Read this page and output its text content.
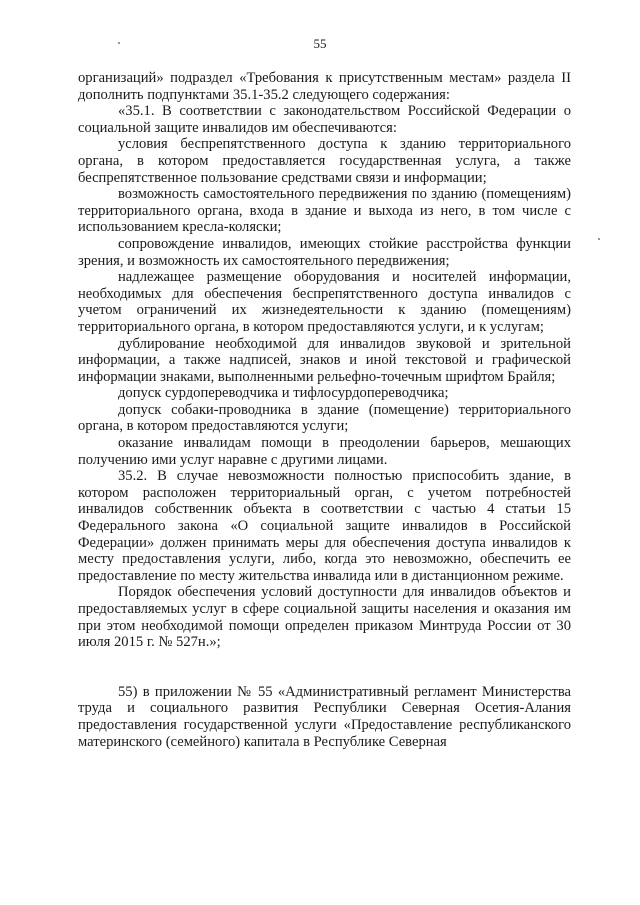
55

организаций» подраздел «Требования к присутственным местам» раздела II дополнить подпунктами 35.1-35.2 следующего содержания:

«35.1. В соответствии с законодательством Российской Федерации о социальной защите инвалидов им обеспечиваются:

условия беспрепятственного доступа к зданию территориального органа, в котором предоставляется государственная услуга, а также беспрепятственное пользование средствами связи и информации;

возможность самостоятельного передвижения по зданию (помещениям) территориального органа, входа в здание и выхода из него, в том числе с использованием кресла-коляски;

сопровождение инвалидов, имеющих стойкие расстройства функции зрения, и возможность их самостоятельного передвижения;

надлежащее размещение оборудования и носителей информации, необходимых для обеспечения беспрепятственного доступа инвалидов с учетом ограничений их жизнедеятельности к зданию (помещениям) территориального органа, в котором предоставляются услуги, и к услугам;

дублирование необходимой для инвалидов звуковой и зрительной информации, а также надписей, знаков и иной текстовой и графической информации знаками, выполненными рельефно-точечным шрифтом Брайля;

допуск сурдопереводчика и тифлосурдопереводчика;

допуск собаки-проводника в здание (помещение) территориального органа, в котором предоставляются услуги;

оказание инвалидам помощи в преодолении барьеров, мешающих получению ими услуг наравне с другими лицами.

35.2. В случае невозможности полностью приспособить здание, в котором расположен территориальный орган, с учетом потребностей инвалидов собственник объекта в соответствии с частью 4 статьи 15 Федерального закона «О социальной защите инвалидов в Российской Федерации» должен принимать меры для обеспечения доступа инвалидов к месту предоставления услуги, либо, когда это невозможно, обеспечить ее предоставление по месту жительства инвалида или в дистанционном режиме.

Порядок обеспечения условий доступности для инвалидов объектов и предоставляемых услуг в сфере социальной защиты населения и оказания им при этом необходимой помощи определен приказом Минтруда России от 30 июля 2015 г. № 527н.»;

55) в приложении № 55 «Административный регламент Министерства труда и социального развития Республики Северная Осетия-Алания предоставления государственной услуги «Предоставление республиканского материнского (семейного) капитала в Республике Северная
